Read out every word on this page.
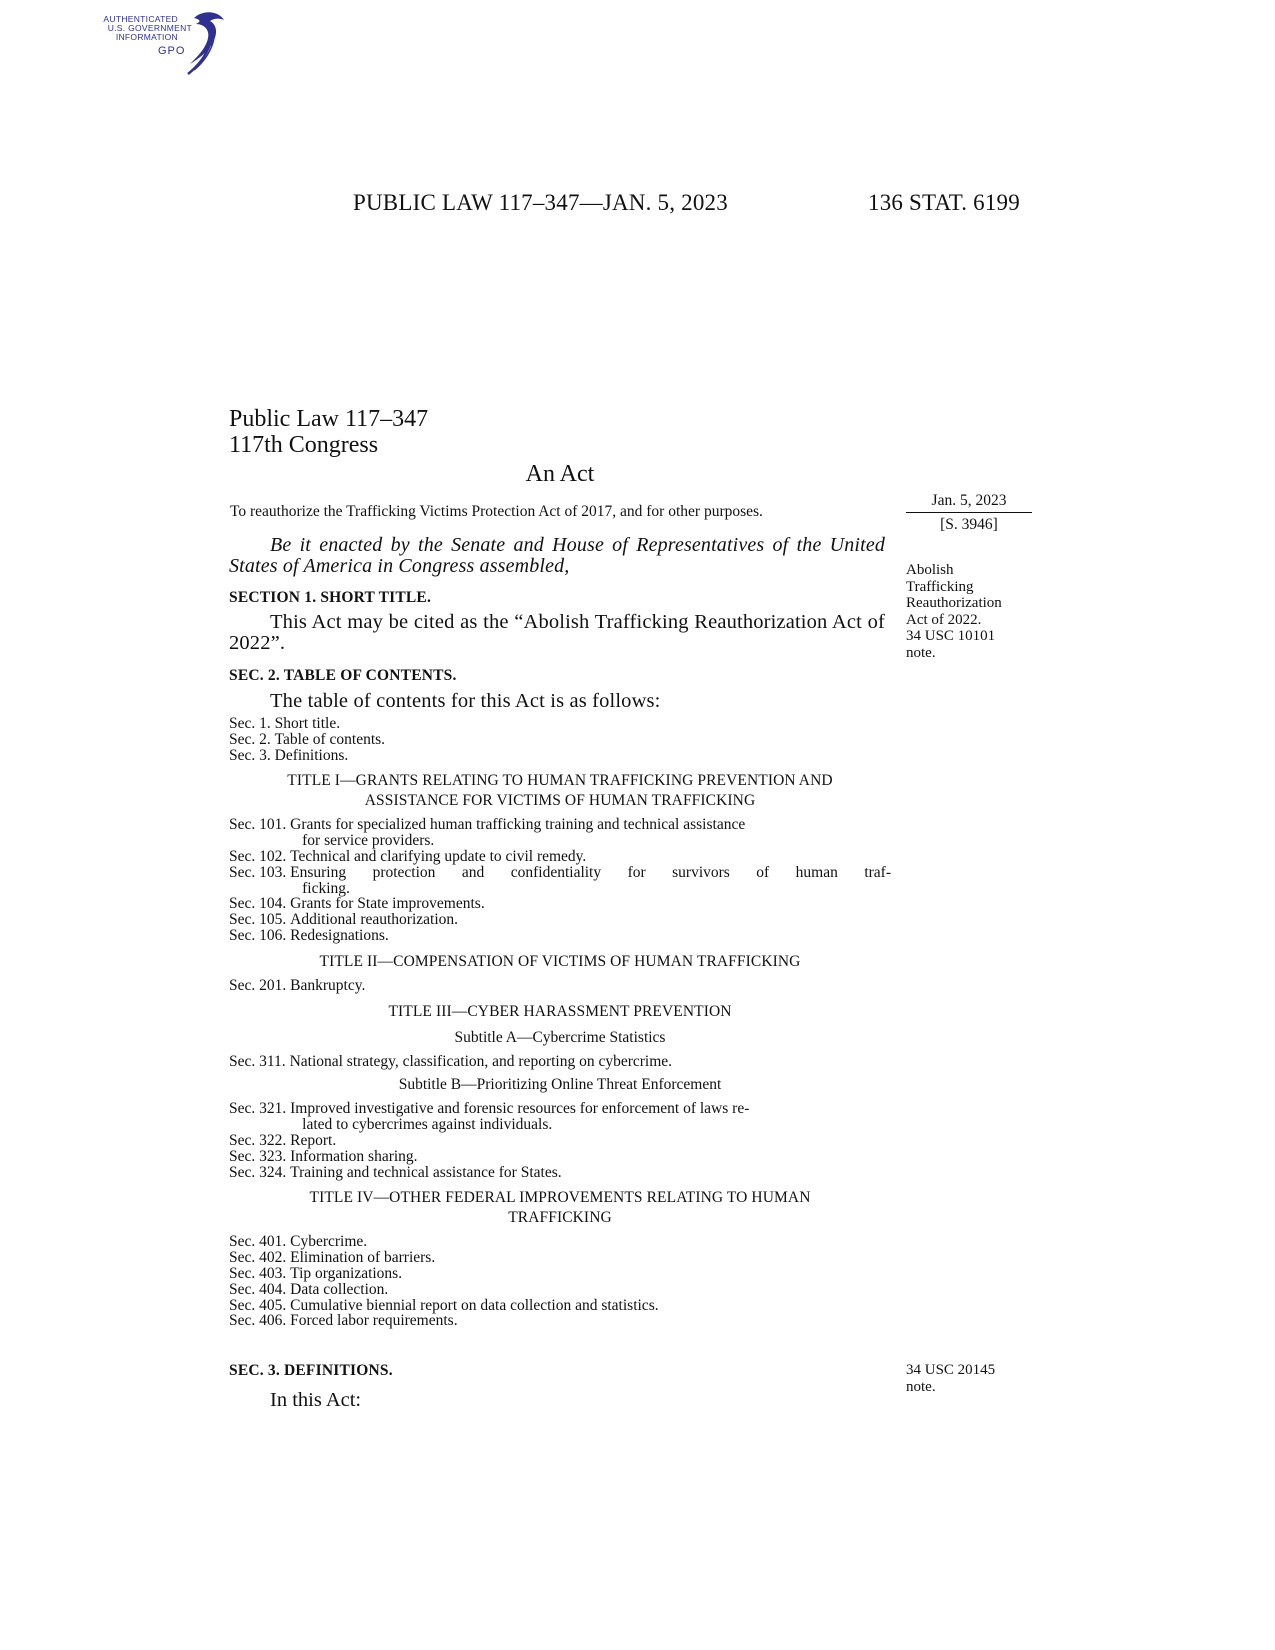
AUTHENTICATED
U.S. GOVERNMENT
INFORMATION
GPO
PUBLIC LAW 117–347—JAN. 5, 2023	136 STAT. 6199
Public Law 117–347
117th Congress
An Act
To reauthorize the Trafficking Victims Protection Act of 2017, and for other purposes.
Jan. 5, 2023
[S. 3946]
Abolish
Trafficking
Reauthorization
Act of 2022.
34 USC 10101
note.
Be it enacted by the Senate and House of Representatives of the United States of America in Congress assembled,
SECTION 1. SHORT TITLE.
This Act may be cited as the “Abolish Trafficking Reauthorization Act of 2022”.
SEC. 2. TABLE OF CONTENTS.
The table of contents for this Act is as follows:
Sec. 1. Short title.
Sec. 2. Table of contents.
Sec. 3. Definitions.
TITLE I—GRANTS RELATING TO HUMAN TRAFFICKING PREVENTION AND
ASSISTANCE FOR VICTIMS OF HUMAN TRAFFICKING
Sec. 101. Grants for specialized human trafficking training and technical assistance
for service providers.
Sec. 102. Technical and clarifying update to civil remedy.
Sec. 103. Ensuring protection and confidentiality for survivors of human traf-
ficking.
Sec. 104. Grants for State improvements.
Sec. 105. Additional reauthorization.
Sec. 106. Redesignations.
TITLE II—COMPENSATION OF VICTIMS OF HUMAN TRAFFICKING
Sec. 201. Bankruptcy.
TITLE III—CYBER HARASSMENT PREVENTION
Subtitle A—Cybercrime Statistics
Sec. 311. National strategy, classification, and reporting on cybercrime.
Subtitle B—Prioritizing Online Threat Enforcement
Sec. 321. Improved investigative and forensic resources for enforcement of laws re-
lated to cybercrimes against individuals.
Sec. 322. Report.
Sec. 323. Information sharing.
Sec. 324. Training and technical assistance for States.
TITLE IV—OTHER FEDERAL IMPROVEMENTS RELATING TO HUMAN
TRAFFICKING
Sec. 401. Cybercrime.
Sec. 402. Elimination of barriers.
Sec. 403. Tip organizations.
Sec. 404. Data collection.
Sec. 405. Cumulative biennial report on data collection and statistics.
Sec. 406. Forced labor requirements.
SEC. 3. DEFINITIONS.
In this Act:
34 USC 20145
note.
